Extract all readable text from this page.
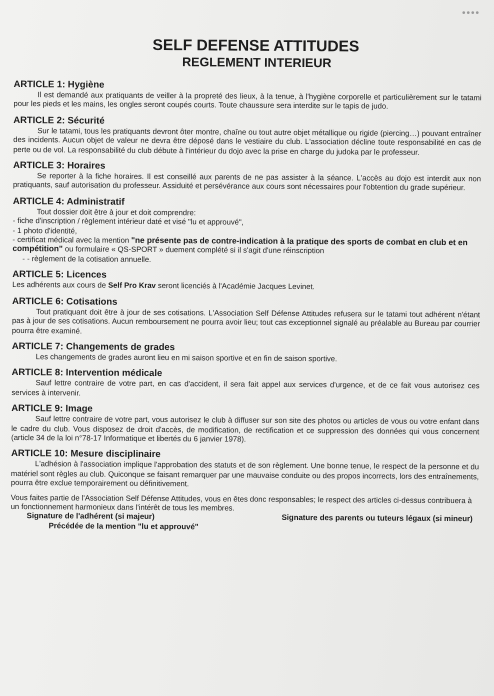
••••
SELF DEFENSE ATTITUDES
REGLEMENT INTERIEUR
ARTICLE 1: Hygiène

Il est demandé aux pratiquants de veiller à la propreté des lieux, à la tenue, à l'hygiène corporelle et particulièrement sur le tatami pour les pieds et les mains, les ongles seront coupés courts. Toute chaussure sera interdite sur le tapis de judo.

ARTICLE 2: Sécurité

Sur le tatami, tous les pratiquants devront ôter montre, chaîne ou tout autre objet métallique ou rigide (piercing…) pouvant entraîner des incidents. Aucun objet de valeur ne devra être déposé dans le vestiaire du club. L'association décline toute responsabilité en cas de perte ou de vol. La responsabilité du club débute à l'intérieur du dojo avec la prise en charge du judoka par le professeur.

ARTICLE 3: Horaires

Se reporter à la fiche horaires. Il est conseillé aux parents de ne pas assister à la séance. L'accès au dojo est interdit aux non pratiquants, sauf autorisation du professeur. Assiduité et persévérance aux cours sont nécessaires pour l'obtention du grade supérieur.

ARTICLE 4: Administratif

Tout dossier doit être à jour et doit comprendre:

- fiche d'inscription / règlement intérieur daté et visé "lu et approuvé",
- 1 photo d'identité,
- certificat médical avec la mention "ne présente pas de contre-indication à la pratique des sports de combat en club et en compétition" ou formulaire « QS-SPORT » duement complété si il s'agit d'une réinscription
- - règlement de la cotisation annuelle.
ARTICLE 5: Licences

Les adhérents aux cours de Self Pro Krav seront licenciés à l'Académie Jacques Levinet.

ARTICLE 6: Cotisations

Tout pratiquant doit être à jour de ses cotisations. L'Association Self Défense Attitudes refusera sur le tatami tout adhérent n'étant pas à jour de ses cotisations. Aucun remboursement ne pourra avoir lieu; tout cas exceptionnel signalé au préalable au Bureau par courrier pourra être examiné.

ARTICLE 7: Changements de grades

Les changements de grades auront lieu en mi saison sportive et en fin de saison sportive.

ARTICLE 8: Intervention médicale

Sauf lettre contraire de votre part, en cas d'accident, il sera fait appel aux services d'urgence, et de ce fait vous autorisez ces services à intervenir.

ARTICLE 9: Image

Sauf lettre contraire de votre part, vous autorisez le club à diffuser sur son site des photos ou articles de vous ou votre enfant dans le cadre du club. Vous disposez de droit d'accès, de modification, de rectification et ce suppression des données qui vous concernent (article 34 de la loi n°78-17 Informatique et libertés du 6 janvier 1978).

ARTICLE 10: Mesure disciplinaire

L'adhésion à l'association implique l'approbation des statuts et de son règlement. Une bonne tenue, le respect de la personne et du matériel sont règles au club. Quiconque se faisant remarquer par une mauvaise conduite ou des propos incorrects, lors des entraînements, pourra être exclue temporairement ou définitivement.

Vous faites partie de l'Association Self Défense Attitudes, vous en êtes donc responsables; le respect des articles ci-dessus contribuera à un fonctionnement harmonieux dans l'intérêt de tous les membres.

Signature de l'adhérent (si majeur)	Signature des parents ou tuteurs légaux (si mineur)
Précédée de la mention "lu et approuvé"
